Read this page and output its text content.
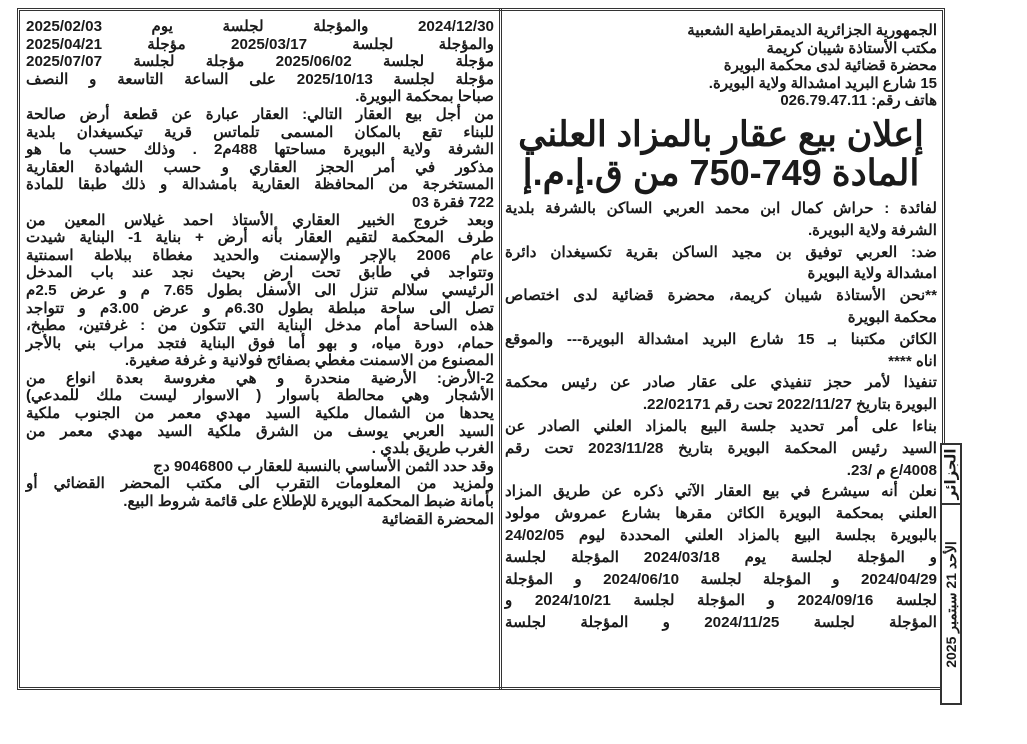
الجمهورية الجزائرية الديمقراطية الشعبية
مكتب الأستاذة شيبان كريمة
محضرة قضائية لدى محكمة البويرة
15 شارع البريد امشدالة ولاية البويرة.
هاتف رقم: 026.79.47.11
إعلان بيع عقار بالمزاد العلني
المادة 749-750 من ق.إ.م.إ
لفائدة : حراش كمال ابن محمد العربي الساكن بالشرفة بلدية
الشرفة ولاية البويرة.
ضد: العربي توفيق بن مجيد الساكن بقرية تكسيغدان دائرة
امشدالة ولاية البويرة
**نحن الأستاذة شيبان كريمة، محضرة قضائية لدى اختصاص
محكمة البويرة
الكائن مكتبنا بـ 15 شارع البريد امشدالة البويرة--- والموقع
اناه ****
تنفيذا لأمر حجز تنفيذي على عقار صادر عن رئيس محكمة
البويرة بتاريخ 2022/11/27 تحت رقم 22/02171.
بناءا على أمر تحديد جلسة البيع بالمزاد العلني الصادر عن
السيد رئيس المحكمة البويرة بتاريخ 2023/11/28 تحت رقم
4008/ع م /23.
نعلن أنه سيشرع في بيع العقار الآتي ذكره عن طريق المزاد
العلني بمحكمة البويرة الكائن مقرها بشارع عمروش مولود
بالبويرة بجلسة البيع بالمزاد العلني المحددة ليوم 24/02/05
و المؤجلة لجلسة يوم 2024/03/18 المؤجلة لجلسة
2024/04/29 و المؤجلة لجلسة 2024/06/10 و المؤجلة
لجلسة 2024/09/16 و المؤجلة لجلسة 2024/10/21 و
المؤجلة لجلسة 2024/11/25 و المؤجلة لجلسة
2024/12/30 والمؤجلة لجلسة يوم 2025/02/03
والمؤجلة لجلسة 2025/03/17 مؤجلة 2025/04/21
مؤجلة لجلسة 2025/06/02 مؤجلة لجلسة 2025/07/07
مؤجلة لجلسة 2025/10/13 على الساعة التاسعة و النصف
صباحا بمحكمة البويرة.
من أجل بيع العقار التالي: العقار عبارة عن قطعة أرض صالحة
للبناء تقع بالمكان المسمى تلماتس قرية تيكسيغدان بلدية
الشرفة ولاية البويرة مساحتها 488م2 . وذلك حسب ما هو
مذكور في أمر الحجز العقاري و حسب الشهادة العقارية
المستخرجة من المحافظة العقارية بامشدالة و ذلك طبقا للمادة
722 فقرة 03
وبعد خروج الخبير العقاري الأستاذ احمد غيلاس المعين من
طرف المحكمة لتقيم العقار بأنه أرض + بناية 1- البناية شيدت
عام 2006 بالإجر والإسمنت والحديد مغطاة ببلاطة اسمنتية
وتتواجد في طابق تحت ارض بحيث نجد عند باب المدخل
الرئيسي سلالم تنزل الى الأسفل بطول 7.65 م و عرض 2.5م
تصل الى ساحة مبلطة بطول 6.30م و عرض 3.00م و تتواجد
هذه الساحة أمام مدخل البناية التي تتكون من : غرفتين، مطبخ،
حمام، دورة مياه، و بهو أما فوق البناية فتجد مراب بني بالأجر
المصنوع من الاسمنت مغطي بصفائح فولانية و غرفة صغيرة.
2-الأرض: الأرضية منحدرة و هي مغروسة بعدة انواع من
الأشجار وهي محالطة باسوار ( الاسوار ليست ملك للمدعي)
يحدها من الشمال ملكية السيد مهدي معمر من الجنوب ملكية
السيد العربي يوسف من الشرق ملكية السيد مهدي معمر من
الغرب طريق بلدي .
وقد حدد الثمن الأساسي بالنسبة للعقار ب 9046800 دج
ولمزيد من المعلومات التقرب الى مكتب المحضر القضائي أو
بأمانة ضبط المحكمة البويرة للإطلاع على قائمة شروط البيع.
المحضرة القضائية
الجزائر
الأحد 21 سبتمبر 2025
